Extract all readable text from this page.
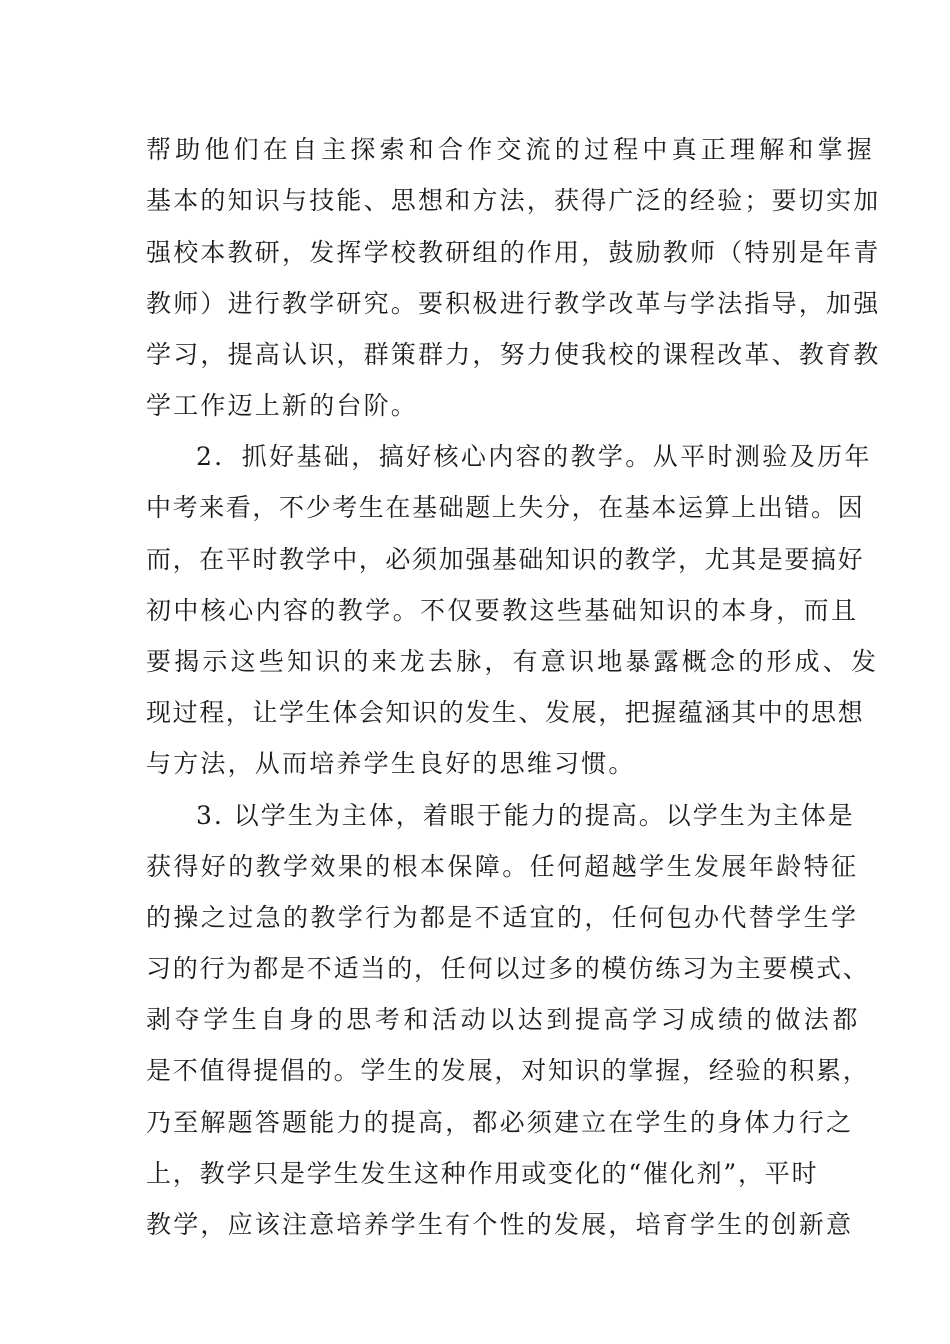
帮助他们在自主探索和合作交流的过程中真正理解和掌握
基本的知识与技能、思想和方法，获得广泛的经验；要切实加
强校本教研，发挥学校教研组的作用，鼓励教师（特别是年青
教师）进行教学研究。要积极进行教学改革与学法指导，加强
学习，提高认识，群策群力，努力使我校的课程改革、教育教
学工作迈上新的台阶。
2．抓好基础，搞好核心内容的教学。从平时测验及历年
中考来看，不少考生在基础题上失分，在基本运算上出错。因
而，在平时教学中，必须加强基础知识的教学，尤其是要搞好
初中核心内容的教学。不仅要教这些基础知识的本身，而且
要揭示这些知识的来龙去脉，有意识地暴露概念的形成、发
现过程，让学生体会知识的发生、发展，把握蕴涵其中的思想
与方法，从而培养学生良好的思维习惯。
3. 以学生为主体，着眼于能力的提高。以学生为主体是
获得好的教学效果的根本保障。任何超越学生发展年龄特征
的操之过急的教学行为都是不适宜的，任何包办代替学生学
习的行为都是不适当的，任何以过多的模仿练习为主要模式、
剥夺学生自身的思考和活动以达到提高学习成绩的做法都
是不值得提倡的。学生的发展，对知识的掌握，经验的积累，
乃至解题答题能力的提高，都必须建立在学生的身体力行之
上，教学只是学生发生这种作用或变化的“催化剂”，平时
教学，应该注意培养学生有个性的发展，培育学生的创新意
